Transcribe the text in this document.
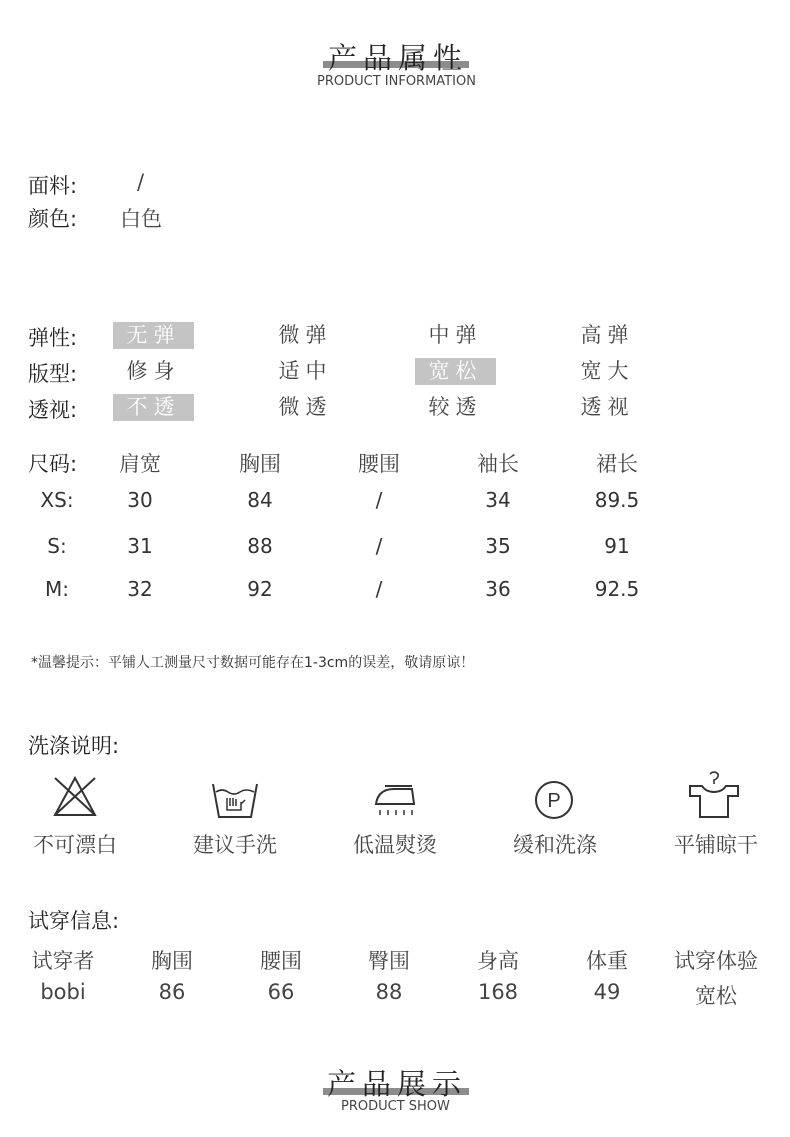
产品属性
PRODUCT INFORMATION
面料:	/
颜色: 白色
弹性:	无弹	微弹	中弹	高弹
版型:	修身	适中	宽松	宽大
透视:	不透	微透	较透	透视
尺码: 肩宽	胸围	腰围	袖长	裙长
XS:	30	84	/	34	89.5
S:	31	88	/	35	91
M:	32	92	/	36	92.5
*温馨提示：平铺人工测量尺寸数据可能存在1-3cm的误差，敬请原谅！
洗涤说明:
P
不可漂白	建议手洗	低温熨烫	缓和洗涤	平铺晾干
试穿信息:
试穿者	胸围	腰围	臀围	身高	体重 试穿体验
bobi	86	66	88	168	49	宽松
产品展示
PRODUCT SHOW
